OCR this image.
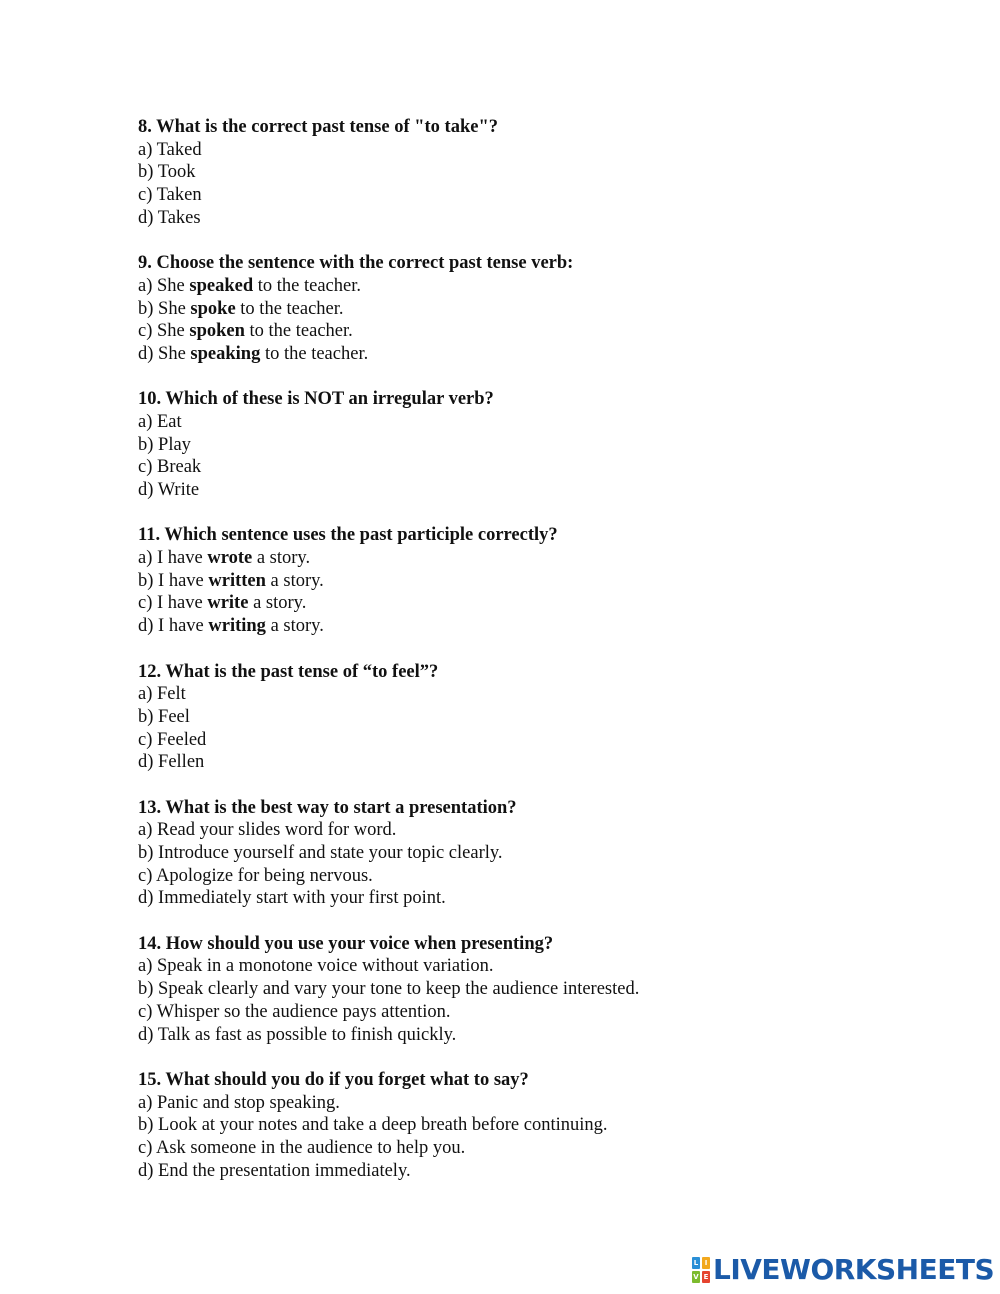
8. What is the correct past tense of "to take"?
a) Taked
b) Took
c) Taken
d) Takes
9. Choose the sentence with the correct past tense verb:
a) She speaked to the teacher.
b) She spoke to the teacher.
c) She spoken to the teacher.
d) She speaking to the teacher.
10. Which of these is NOT an irregular verb?
a) Eat
b) Play
c) Break
d) Write
11. Which sentence uses the past participle correctly?
a) I have wrote a story.
b) I have written a story.
c) I have write a story.
d) I have writing a story.
12. What is the past tense of “to feel”?
a) Felt
b) Feel
c) Feeled
d) Fellen
13. What is the best way to start a presentation?
a) Read your slides word for word.
b) Introduce yourself and state your topic clearly.
c) Apologize for being nervous.
d) Immediately start with your first point.
14. How should you use your voice when presenting?
a) Speak in a monotone voice without variation.
b) Speak clearly and vary your tone to keep the audience interested.
c) Whisper so the audience pays attention.
d) Talk as fast as possible to finish quickly.
15. What should you do if you forget what to say?
a) Panic and stop speaking.
b) Look at your notes and take a deep breath before continuing.
c) Ask someone in the audience to help you.
d) End the presentation immediately.
L I
V E LIVEWORKSHEETS
